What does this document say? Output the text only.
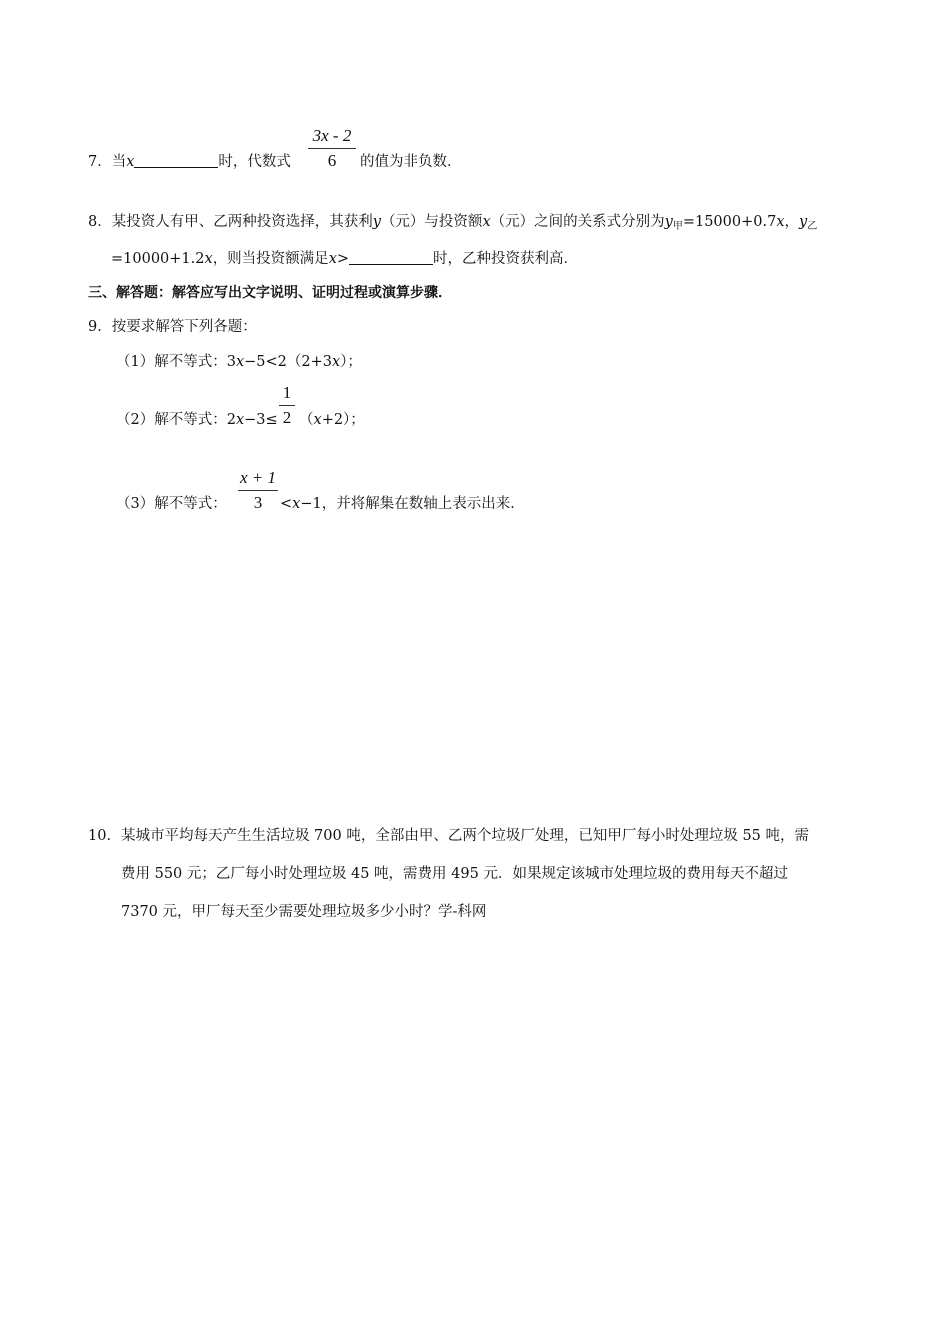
7．当x	时，代数式
3x - 2
6	的值为非负数．
8．某投资人有甲、乙两种投资选择，其获利y（元）与投资额x（元）之间的关系式分别为$y_甲=15000+0.7x$，$y_乙$
=10000+1.2x，则当投资额满足x>	时，乙种投资获利高．
三、解答题：解答应写出文字说明、证明过程或演算步骤．
9．按要求解答下列各题：
（1）解不等式：3x−5<2（2+3x）；
（2）解不等式：2x−3≤
1
2 （x+2）；
（3）解不等式：
x + 1
3	<x−1，并将解集在数轴上表示出来．
10．某城市平均每天产生生活垃圾 700 吨，全部由甲、乙两个垃圾厂处理，已知甲厂每小时处理垃圾 55 吨，需
费用 550 元；乙厂每小时处理垃圾 45 吨，需费用 495 元．如果规定该城市处理垃圾的费用每天不超过
7370 元，甲厂每天至少需要处理垃圾多少小时？学-科网
